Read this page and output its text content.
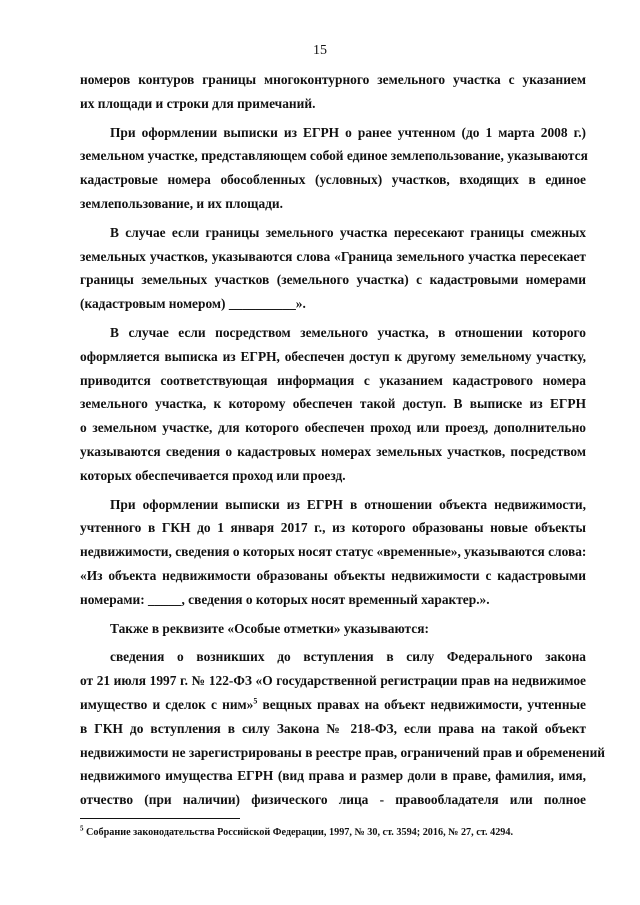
15
номеров контуров границы многоконтурного земельного участка с указанием
их площади и строки для примечаний.
При оформлении выписки из ЕГРН о ранее учтенном (до 1 марта 2008 г.)
земельном участке, представляющем собой единое землепользование, указываются
кадастровые номера обособленных (условных) участков, входящих в единое
землепользование, и их площади.
В случае если границы земельного участка пересекают границы смежных
земельных участков, указываются слова «Граница земельного участка пересекает
границы земельных участков (земельного участка) с кадастровыми номерами
(кадастровым номером) __________».
В случае если посредством земельного участка, в отношении которого
оформляется выписка из ЕГРН, обеспечен доступ к другому земельному участку,
приводится соответствующая информация с указанием кадастрового номера
земельного участка, к которому обеспечен такой доступ. В выписке из ЕГРН
о земельном участке, для которого обеспечен проход или проезд, дополнительно
указываются сведения о кадастровых номерах земельных участков, посредством
которых обеспечивается проход или проезд.
При оформлении выписки из ЕГРН в отношении объекта недвижимости,
учтенного в ГКН до 1 января 2017 г., из которого образованы новые объекты
недвижимости, сведения о которых носят статус «временные», указываются слова:
«Из объекта недвижимости образованы объекты недвижимости с кадастровыми
номерами: _____, сведения о которых носят временный характер.».
Также в реквизите «Особые отметки» указываются:
сведения о возникших до вступления в силу Федерального закона
от 21 июля 1997 г. № 122-ФЗ «О государственной регистрации прав на недвижимое
имущество и сделок с ним»$^5$ вещных правах на объект недвижимости, учтенные
в ГКН до вступления в силу Закона № 218-ФЗ, если права на такой объект
недвижимости не зарегистрированы в реестре прав, ограничений прав и обременений
недвижимого имущества ЕГРН (вид права и размер доли в праве, фамилия, имя,
отчество (при наличии) физического лица - правообладателя или полное
$^5$ Собрание законодательства Российской Федерации, 1997, № 30, ст. 3594; 2016, № 27, ст. 4294.
